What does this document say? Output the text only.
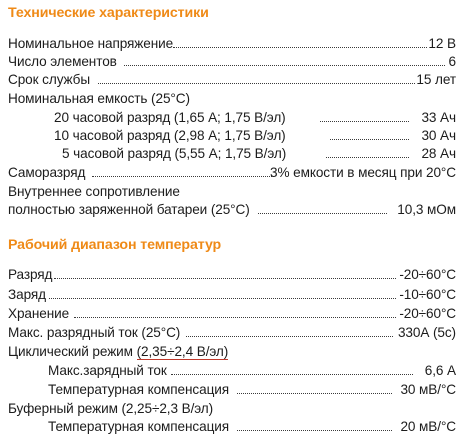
Технические характеристики
Номинальное напряжение	12 В
Число элементов	6
Срок службы	15 лет
Номинальная емкость (25°С)
20 часовой разряд (1,65 А; 1,75 В/эл)	33 Ач
10 часовой разряд (2,98 А; 1,75 В/эл)	30 Ач
5 часовой разряд (5,55 А; 1,75 В/эл)	28 Ач
Саморазряд	3% емкости в месяц при 20°С
Внутреннее сопротивление
полностью заряженной батареи (25°С)	10,3 мОм
Рабочий диапазон температур
Разряд	-20÷60°С
Заряд	-10÷60°С
Хранение	-20÷60°С
Макс. разрядный ток (25°С)	330А (5с)
Циклический режим (2,35÷2,4 В/эл)
Макс.зарядный ток	6,6 А
Температурная компенсация	30 мВ/°С
Буферный режим (2,25÷2,3 В/эл)
Температурная компенсация	20 мВ/°С
